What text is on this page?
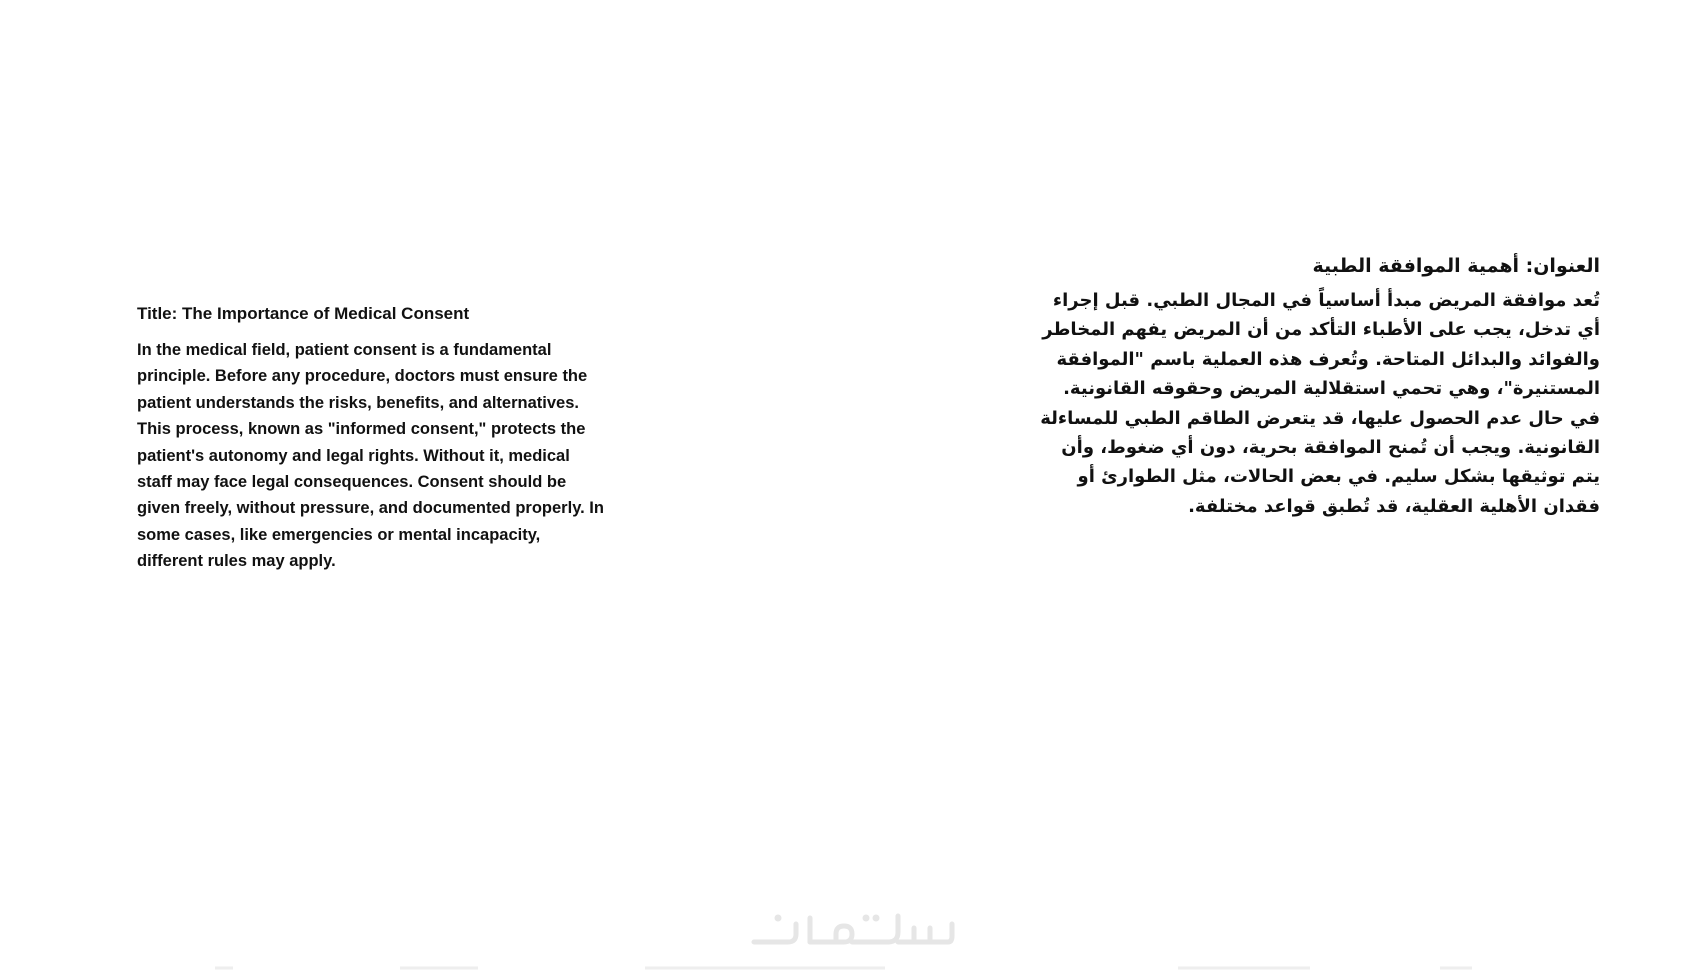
Title: The Importance of Medical Consent

In the medical field, patient consent is a fundamental principle. Before any procedure, doctors must ensure the patient understands the risks, benefits, and alternatives. This process, known as "informed consent," protects the patient's autonomy and legal rights. Without it, medical staff may face legal consequences. Consent should be given freely, without pressure, and documented properly. In some cases, like emergencies or mental incapacity, different rules may apply.

العنوان: أهمية الموافقة الطبية

تُعد موافقة المريض مبدأ أساسياً في المجال الطبي. قبل إجراء أي تدخل، يجب على الأطباء التأكد من أن المريض يفهم المخاطر والفوائد والبدائل المتاحة. وتُعرف هذه العملية باسم "الموافقة المستنيرة"، وهي تحمي استقلالية المريض وحقوقه القانونية. في حال عدم الحصول عليها، قد يتعرض الطاقم الطبي للمساءلة القانونية. ويجب أن تُمنح الموافقة بحرية، دون أي ضغوط، وأن يتم توثيقها بشكل سليم. في بعض الحالات، مثل الطوارئ أو فقدان الأهلية العقلية، قد تُطبق قواعد مختلفة.
